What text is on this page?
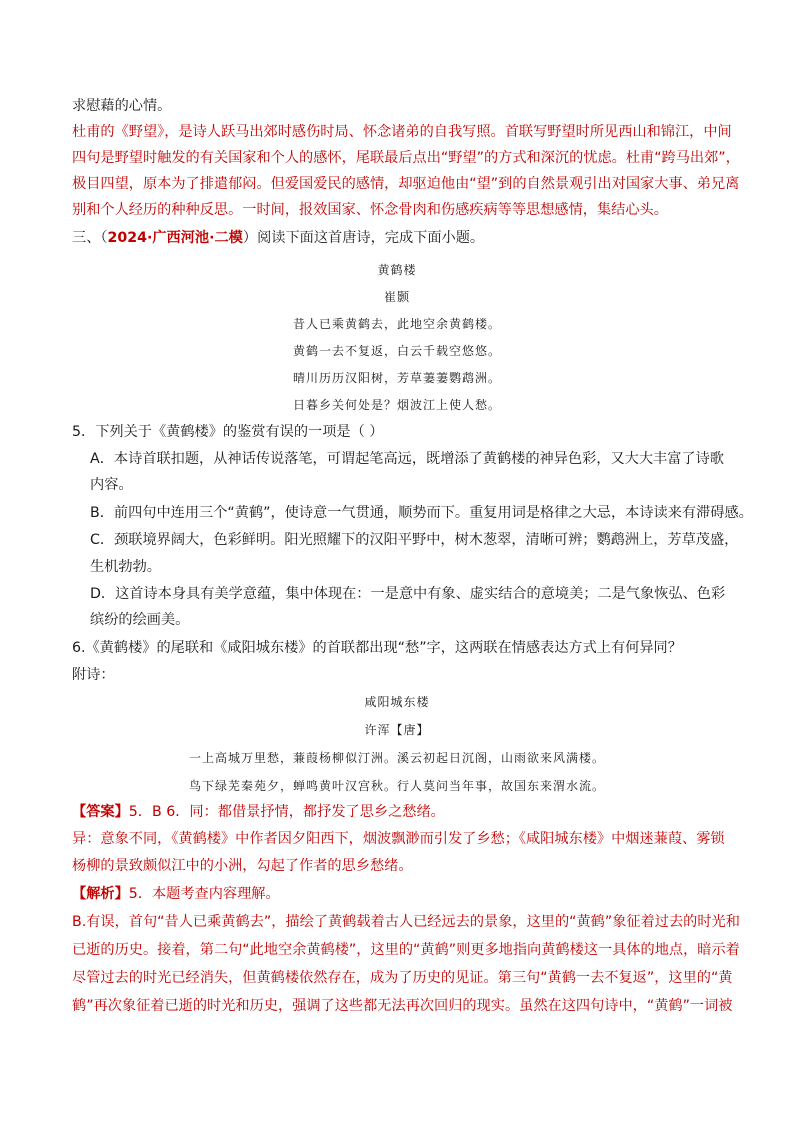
求慰藉的心情。
杜甫的《野望》，是诗人跃马出郊时感伤时局、怀念诸弟的自我写照。首联写野望时所见西山和锦江，中间
四句是野望时触发的有关国家和个人的感怀，尾联最后点出“野望”的方式和深沉的忧虑。杜甫“跨马出郊”，
极目四望，原本为了排遣郁闷。但爱国爱民的感情，却驱迫他由“望”到的自然景观引出对国家大事、弟兄离
别和个人经历的种种反思。一时间，报效国家、怀念骨肉和伤感疾病等等思想感情，集结心头。
三、（2024·广西河池·二模）阅读下面这首唐诗，完成下面小题。
黄鹤楼
崔颢
昔人已乘黄鹤去，此地空余黄鹤楼。
黄鹤一去不复返，白云千载空悠悠。
晴川历历汉阳树，芳草萋萋鹦鹉洲。
日暮乡关何处是？烟波江上使人愁。
5．下列关于《黄鹤楼》的鉴赏有误的一项是（ ）
A．本诗首联扣题，从神话传说落笔，可谓起笔高远，既增添了黄鹤楼的神异色彩，又大大丰富了诗歌
内容。
B．前四句中连用三个“黄鹤”，使诗意一气贯通，顺势而下。重复用词是格律之大忌，本诗读来有滞碍感。
C．颈联境界阔大，色彩鲜明。阳光照耀下的汉阳平野中，树木葱翠，清晰可辨；鹦鹉洲上，芳草茂盛，
生机勃勃。
D．这首诗本身具有美学意蕴，集中体现在：一是意中有象、虚实结合的意境美；二是气象恢弘、色彩
缤纷的绘画美。
6.《黄鹤楼》的尾联和《咸阳城东楼》的首联都出现“愁”字，这两联在情感表达方式上有何异同？
附诗：
咸阳城东楼
许浑【唐】
一上高城万里愁，蒹葭杨柳似汀洲。溪云初起日沉阁，山雨欲来风满楼。
鸟下绿芜秦苑夕，蝉鸣黄叶汉宫秋。行人莫问当年事，故国东来渭水流。
【答案】5．B 6．同：都借景抒情，都抒发了思乡之愁绪。
异：意象不同，《黄鹤楼》中作者因夕阳西下，烟波飘渺而引发了乡愁；《咸阳城东楼》中烟迷蒹葭、雾锁
杨柳的景致颇似江中的小洲，勾起了作者的思乡愁绪。
【解析】5．本题考查内容理解。
B.有误，首句“昔人已乘黄鹤去”，描绘了黄鹤载着古人已经远去的景象，这里的“黄鹤”象征着过去的时光和
已逝的历史。接着，第二句“此地空余黄鹤楼”，这里的“黄鹤”则更多地指向黄鹤楼这一具体的地点，暗示着
尽管过去的时光已经消失，但黄鹤楼依然存在，成为了历史的见证。第三句“黄鹤一去不复返”，这里的“黄
鹤”再次象征着已逝的时光和历史，强调了这些都无法再次回归的现实。虽然在这四句诗中，“黄鹤”一词被
